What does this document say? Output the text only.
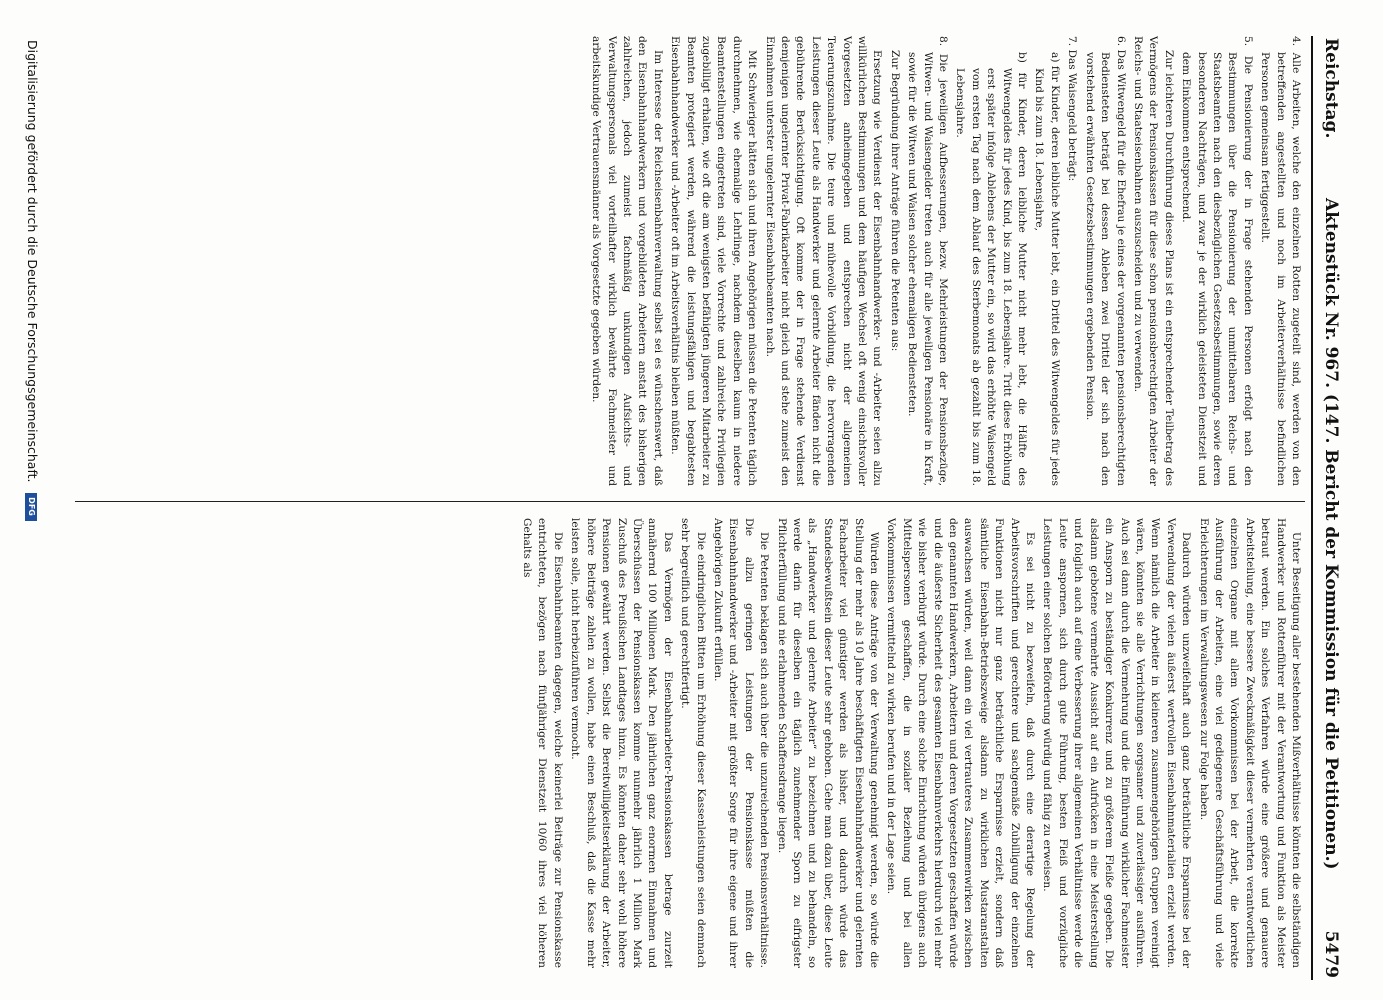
Reichstag.
Aktenstück Nr. 967. (147. Bericht der Kommission für die Petitionen.)
5479
4. Alle Arbeiten, welche den einzelnen Rotten zugeteilt sind, werden von den betreffenden angestellten und noch im Arbeiterverhältnisse befindlichen Personen gemeinsam fertiggestellt.
5. Die Pensionierung der in Frage stehenden Personen erfolgt nach den Bestimmungen über die Pensionierung der unmittelbaren Reichs- und Staatsbeamten nach den diesbezüglichen Gesetzesbestimmungen, sowie deren besonderen Nachträgen, und zwar je der wirklich geleisteten Dienstzeit und dem Einkommen entsprechend.

Zur leichteren Durchführung dieses Plans ist ein entsprechender Teilbetrag des Vermögens der Pensionskassen für diese schon pensionsberechtigten Arbeiter der Reichs- und Staatseisenbahnen auszuscheiden und zu verwenden.

6. Das Witwengeld für die Ehefrau je eines der vorgenannten pensionsberechtigten Bediensteten beträgt bei dessen Ableben zwei Drittel der sich nach den vorstehend erwähnten Gesetzesbestimmungen ergebenden Pension.
7. Das Waisengeld beträgt:
a) für Kinder, deren leibliche Mutter lebt, ein Drittel des Witwengeldes für jedes Kind bis zum 18. Lebensjahre,
b) für Kinder, deren leibliche Mutter nicht mehr lebt, die Hälfte des Witwengeldes für jedes Kind, bis zum 18. Lebensjahre. Tritt diese Erhöhung erst später infolge Ablebens der Mutter ein, so wird das erhöhte Waisengeld vom ersten Tag nach dem Ablauf des Sterbemonats ab gezahlt bis zum 18. Lebensjahre.
8. Die jeweiligen Aufbesserungen, bezw. Mehrleistungen der Pensionsbezüge, Witwen- und Waisengelder treten auch für alle jeweiligen Pensionäre in Kraft, sowie für die Witwen und Waisen solcher ehemaligen Bediensteten.

Zur Begründung ihrer Anträge führen die Petenten aus:

Ersetzung wie Verdienst der Eisenbahnhandwerker- und -Arbeiter seien allzu willkürlichen Bestimmungen und dem häufigen Wechsel oft wenig einsichtsvoller Vorgesetzten anheimgegeben und entsprechen nicht der allgemeinen Teuerungszunahme. Die teure und mühevolle Vorbildung, die hervorragenden Leistungen dieser Leute als Handwerker und gelernte Arbeiter fänden nicht die gebührende Berücksichtigung. Oft komme der in Frage stehende Verdienst demjenigen ungelernter Privat-Fabrikarbeiter nicht gleich und stehe zumeist den Einnahmen unterster ungelernter Eisenbahnbeamten nach.

Mit Schwieriger hätten sich und ihren Angehörigen müssen die Petenten täglich durchnehmen, wie ehemalige Lehrlinge, nachdem dieselben kaum in niedere Beamtenstellungen eingetreten sind, viele Vorrechte und zahlreiche Privilegien zugebilligt erhalten, wie oft die am wenigsten befähigten jüngeren Mitarbeiter zu Beamten protegiert werden, während die leistungsfähigen und begabtesten Eisenbahnhandwerker und -Arbeiter oft im Arbeitsverhältnis bleiben müßten.

Im Interesse der Reichseisenbahnverwaltung selbst sei es wünschenswert, daß den Eisenbahnhandwerkern und vorgebildeten Arbeitern anstatt des bisherigen zahlreichen, jedoch zumeist fachmäßig unkundigen Aufsichts- und Verwaltungspersonals viel vorteilhafter wirklich bewährte Fachmeister und arbeitskundige Vertrauensmänner als Vorgesetzte gegeben würden.

Unter Beseitigung aller bestehenden Mißverhältnisse könnten die selbständigen Handwerker und Rottenführer mit der Verantwortung und Funktion als Meister betraut werden. Ein solches Verfahren würde eine größere und genauere Arbeitsteilung, eine bessere Zweckmäßigkeit dieser vermehrten verantwortlichen einzelnen Organe mit allem Vorkommnissen bei der Arbeit, die korrekte Ausführung der Arbeiten, eine viel gediegenere Geschäftsführung und viele Erleichterungen im Verwaltungswesen zur Folge haben.

Dadurch würden unzweifelhaft auch ganz beträchtliche Ersparnisse bei der Verwendung der vielen äußerst wertvollen Eisenbahnmaterialien erzielt werden. Wenn nämlich die Arbeiter in kleineren zusammengehörigen Gruppen vereinigt wären, könnten sie alle Verrichtungen sorgsamer und zuverlässiger ausführen. Auch sei dann durch die Vermehrung und die Einführung wirklicher Fachmeister ein Ansporn zu beständiger Konkurrenz und zu größerem Fleiße gegeben. Die alsdann gebotene vermehrte Aussicht auf ein Aufrücken in eine Meisterstellung und folglich auch auf eine Verbesserung ihrer allgemeinen Verhältnisse werde die Leute anspornen, sich durch gute Führung, besten Fleiß und vorzügliche Leistungen einer solchen Beförderung würdig und fähig zu erweisen.

Es sei nicht zu bezweifeln, daß durch eine derartige Regelung der Arbeitsvorschriften und gerechtere und sachgemäße Zubilligung der einzelnen Funktionen nicht nur ganz beträchtliche Ersparnisse erzielt, sondern daß sämtliche Eisenbahn-Betriebszweige alsdann zu wirklichen Mustaranstalten auswachsen würden, weil dann ein viel vertrauteres Zusammenwirken zwischen den genannten Handwerkern, Arbeitern und deren Vorgesetzten geschaffen würde und die äußerste Sicherheit des gesamten Eisenbahnverkehrs hierdurch viel mehr wie bisher verbürgt würde. Durch eine solche Einrichtung würden übrigens auch Mittelspersonen geschaffen, die in sozialer Beziehung und bei allen Vorkommnissen vermittelnd zu wirken berufen und in der Lage seien.

Würden diese Anträge von der Verwaltung genehmigt werden, so würde die Stellung der mehr als 10 Jahre beschäftigten Eisenbahnhandwerker und gelernten Facharbeiter viel günstiger werden als bisher, und dadurch würde das Standesbewußtsein dieser Leute sehr gehoben. Gehe man dazu über, diese Leute als „Handwerker und gelernte Arbeiter“ zu bezeichnen und zu behandeln, so werde darin für dieselben ein täglich zunehmender Sporn zu eifrigster Pflichterfüllung und nie erlahmenden Schaffensdrange liegen.

Die Petenten beklagen sich auch über die unzureichenden Pensionsverhältnisse. Die allzu geringen Leistungen der Pensionskasse müßten die Eisenbahnhandwerker und -Arbeiter mit größter Sorge für ihre eigene und ihrer Angehörigen Zukunft erfüllen.

Die eindringlichen Bitten um Erhöhung dieser Kassenleistungen seien demnach sehr begreiflich und gerechtfertigt.

Das Vermögen der Eisenbahnarbeiter-Pensionskassen betrage zurzeit annähernd 100 Millionen Mark. Den jährlichen ganz enormen Einnahmen und Überschüssen der Pensionskassen komme nunmehr jährlich 1 Million Mark Zuschuß des Preußischen Landtages hinzu. Es könnten daher sehr wohl höhere Pensionen gewährt werden. Selbst die Bereitwilligkeitserklärung der Arbeiter, höhere Beiträge zahlen zu wollen, habe einen Beschluß, daß die Kasse mehr leisten solle, nicht herbeizuführen vermocht.

Die Eisenbahnbeamten dagegen, welche keinerlei Beiträge zur Pensionskasse entrichteten, bezögen nach fünfjähriger Dienstzeit 10/60 ihres viel höheren Gehalts als

Digitalisierung gefördert durch die Deutsche Forschungsgemeinschaft. DFG
